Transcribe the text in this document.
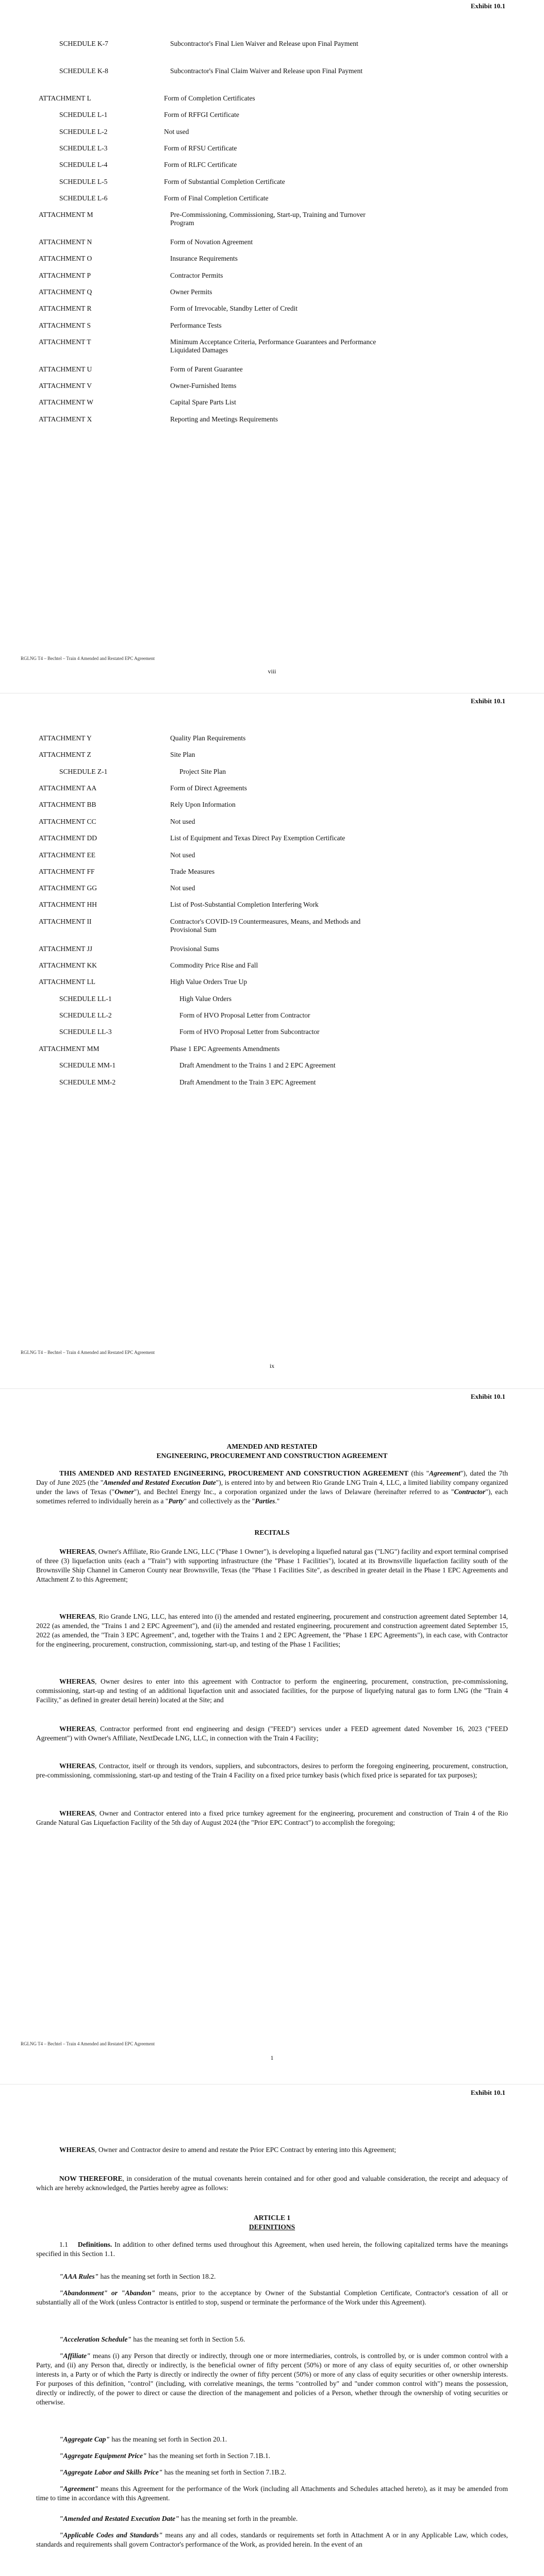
Exhibit 10.1
SCHEDULE K-7	Subcontractor's Final Lien Waiver and Release upon Final Payment
SCHEDULE K-8	Subcontractor's Final Claim Waiver and Release upon Final Payment
ATTACHMENT L	Form of Completion Certificates
SCHEDULE L-1	Form of RFFGI Certificate
SCHEDULE L-2	Not used
SCHEDULE L-3	Form of RFSU Certificate
SCHEDULE L-4	Form of RLFC Certificate
SCHEDULE L-5	Form of Substantial Completion Certificate
SCHEDULE L-6	Form of Final Completion Certificate
ATTACHMENT M	Pre-Commissioning, Commissioning, Start-up, Training and Turnover Program
ATTACHMENT N	Form of Novation Agreement
ATTACHMENT O	Insurance Requirements
ATTACHMENT P	Contractor Permits
ATTACHMENT Q	Owner Permits
ATTACHMENT R	Form of Irrevocable, Standby Letter of Credit
ATTACHMENT S	Performance Tests
ATTACHMENT T	Minimum Acceptance Criteria, Performance Guarantees and Performance Liquidated Damages
ATTACHMENT U	Form of Parent Guarantee
ATTACHMENT V	Owner-Furnished Items
ATTACHMENT W	Capital Spare Parts List
ATTACHMENT X	Reporting and Meetings Requirements
RGLNG T4 – Bechtel – Train 4 Amended and Restated EPC Agreement
viii
Exhibit 10.1
ATTACHMENT Y	Quality Plan Requirements
ATTACHMENT Z	Site Plan
SCHEDULE Z-1	Project Site Plan
ATTACHMENT AA	Form of Direct Agreements
ATTACHMENT BB	Rely Upon Information
ATTACHMENT CC	Not used
ATTACHMENT DD	List of Equipment and Texas Direct Pay Exemption Certificate
ATTACHMENT EE	Not used
ATTACHMENT FF	Trade Measures
ATTACHMENT GG	Not used
ATTACHMENT HH	List of Post-Substantial Completion Interfering Work
ATTACHMENT II	Contractor's COVID-19 Countermeasures, Means, and Methods and Provisional Sum
ATTACHMENT JJ	Provisional Sums
ATTACHMENT KK	Commodity Price Rise and Fall
ATTACHMENT LL	High Value Orders True Up
SCHEDULE LL-1	High Value Orders
SCHEDULE LL-2	Form of HVO Proposal Letter from Contractor
SCHEDULE LL-3	Form of HVO Proposal Letter from Subcontractor
ATTACHMENT MM	Phase 1 EPC Agreements Amendments
SCHEDULE MM-1	Draft Amendment to the Trains 1 and 2 EPC Agreement
SCHEDULE MM-2	Draft Amendment to the Train 3 EPC Agreement
RGLNG T4 – Bechtel – Train 4 Amended and Restated EPC Agreement
ix
Exhibit 10.1
AMENDED AND RESTATED
ENGINEERING, PROCUREMENT AND CONSTRUCTION AGREEMENT
THIS AMENDED AND RESTATED ENGINEERING, PROCUREMENT AND CONSTRUCTION AGREEMENT (this "Agreement"), dated the 7th Day of June 2025 (the "Amended and Restated Execution Date"), is entered into by and between Rio Grande LNG Train 4, LLC, a limited liability company organized under the laws of Texas ("Owner"), and Bechtel Energy Inc., a corporation organized under the laws of Delaware (hereinafter referred to as "Contractor"), each sometimes referred to individually herein as a "Party" and collectively as the "Parties."
RECITALS
WHEREAS, Owner's Affiliate, Rio Grande LNG, LLC ("Phase 1 Owner"), is developing a liquefied natural gas ("LNG") facility and export terminal comprised of three (3) liquefaction units (each a "Train") with supporting infrastructure (the "Phase 1 Facilities"), located at its Brownsville liquefaction facility south of the Brownsville Ship Channel in Cameron County near Brownsville, Texas (the "Phase 1 Facilities Site", as described in greater detail in the Phase 1 EPC Agreements and Attachment Z to this Agreement;
WHEREAS, Rio Grande LNG, LLC, has entered into (i) the amended and restated engineering, procurement and construction agreement dated September 14, 2022 (as amended, the "Trains 1 and 2 EPC Agreement"), and (ii) the amended and restated engineering, procurement and construction agreement dated September 15, 2022 (as amended, the "Train 3 EPC Agreement", and, together with the Trains 1 and 2 EPC Agreement, the "Phase 1 EPC Agreements"), in each case, with Contractor for the engineering, procurement, construction, commissioning, start-up, and testing of the Phase 1 Facilities;
WHEREAS, Owner desires to enter into this agreement with Contractor to perform the engineering, procurement, construction, pre-commissioning, commissioning, start-up and testing of an additional liquefaction unit and associated facilities, for the purpose of liquefying natural gas to form LNG (the "Train 4 Facility," as defined in greater detail herein) located at the Site; and
WHEREAS, Contractor performed front end engineering and design ("FEED") services under a FEED agreement dated November 16, 2023 ("FEED Agreement") with Owner's Affiliate, NextDecade LNG, LLC, in connection with the Train 4 Facility;
WHEREAS, Contractor, itself or through its vendors, suppliers, and subcontractors, desires to perform the foregoing engineering, procurement, construction, pre-commissioning, commissioning, start-up and testing of the Train 4 Facility on a fixed price turnkey basis (which fixed price is separated for tax purposes);
WHEREAS, Owner and Contractor entered into a fixed price turnkey agreement for the engineering, procurement and construction of Train 4 of the Rio Grande Natural Gas Liquefaction Facility of the 5th day of August 2024 (the "Prior EPC Contract") to accomplish the foregoing;
RGLNG T4 – Bechtel – Train 4 Amended and Restated EPC Agreement
1
Exhibit 10.1
WHEREAS, Owner and Contractor desire to amend and restate the Prior EPC Contract by entering into this Agreement;
NOW THEREFORE, in consideration of the mutual covenants herein contained and for other good and valuable consideration, the receipt and adequacy of which are hereby acknowledged, the Parties hereby agree as follows:
ARTICLE 1
DEFINITIONS
1.1 Definitions. In addition to other defined terms used throughout this Agreement, when used herein, the following capitalized terms have the meanings specified in this Section 1.1.
"AAA Rules" has the meaning set forth in Section 18.2.
"Abandonment" or "Abandon" means, prior to the acceptance by Owner of the Substantial Completion Certificate, Contractor's cessation of all or substantially all of the Work (unless Contractor is entitled to stop, suspend or terminate the performance of the Work under this Agreement).
"Acceleration Schedule" has the meaning set forth in Section 5.6.
"Affiliate" means (i) any Person that directly or indirectly, through one or more intermediaries, controls, is controlled by, or is under common control with a Party, and (ii) any Person that, directly or indirectly, is the beneficial owner of fifty percent (50%) or more of any class of equity securities of, or other ownership interests in, a Party or of which the Party is directly or indirectly the owner of fifty percent (50%) or more of any class of equity securities or other ownership interests. For purposes of this definition, "control" (including, with correlative meanings, the terms "controlled by" and "under common control with") means the possession, directly or indirectly, of the power to direct or cause the direction of the management and policies of a Person, whether through the ownership of voting securities or otherwise.
"Aggregate Cap" has the meaning set forth in Section 20.1.
"Aggregate Equipment Price" has the meaning set forth in Section 7.1B.1.
"Aggregate Labor and Skills Price" has the meaning set forth in Section 7.1B.2.
"Agreement" means this Agreement for the performance of the Work (including all Attachments and Schedules attached hereto), as it may be amended from time to time in accordance with this Agreement.
"Amended and Restated Execution Date" has the meaning set forth in the preamble.
"Applicable Codes and Standards" means any and all codes, standards or requirements set forth in Attachment A or in any Applicable Law, which codes, standards and requirements shall govern Contractor's performance of the Work, as provided herein. In the event of an
